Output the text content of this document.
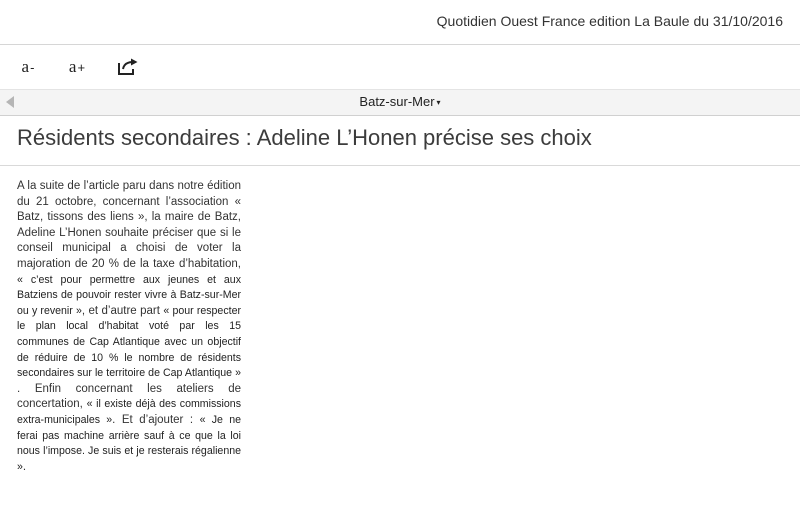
Quotidien Ouest France edition La Baule du 31/10/2016
a - a +
Batz-sur-Mer ▾
Résidents secondaires : Adeline L’Honen précise ses choix
A la suite de l’article paru dans notre édition du 21 octobre, concernant l’association « Batz, tissons des liens », la maire de Batz, Adeline L’Honen souhaite préciser que si le conseil municipal a choisi de voter la majoration de 20 % de la taxe d’habitation, « c’est pour permettre aux jeunes et aux Batziens de pouvoir rester vivre à Batz-sur-Mer ou y revenir », et d’autre part « pour respecter le plan local d’habitat voté par les 15 communes de Cap Atlantique avec un objectif de réduire de 10 % le nombre de résidents secondaires sur le territoire de Cap Atlantique » . Enfin concernant les ateliers de concertation, « il existe déjà des commissions extra-municipales ». Et d’ajouter : « Je ne ferai pas machine arrière sauf à ce que la loi nous l’impose. Je suis et je resterais régalienne ».
